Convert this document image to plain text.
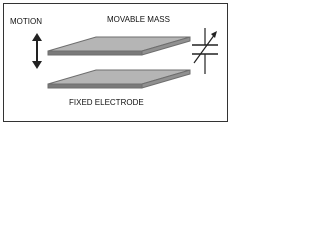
MOTION	MOVABLE MASS
FIXED ELECTRODE
